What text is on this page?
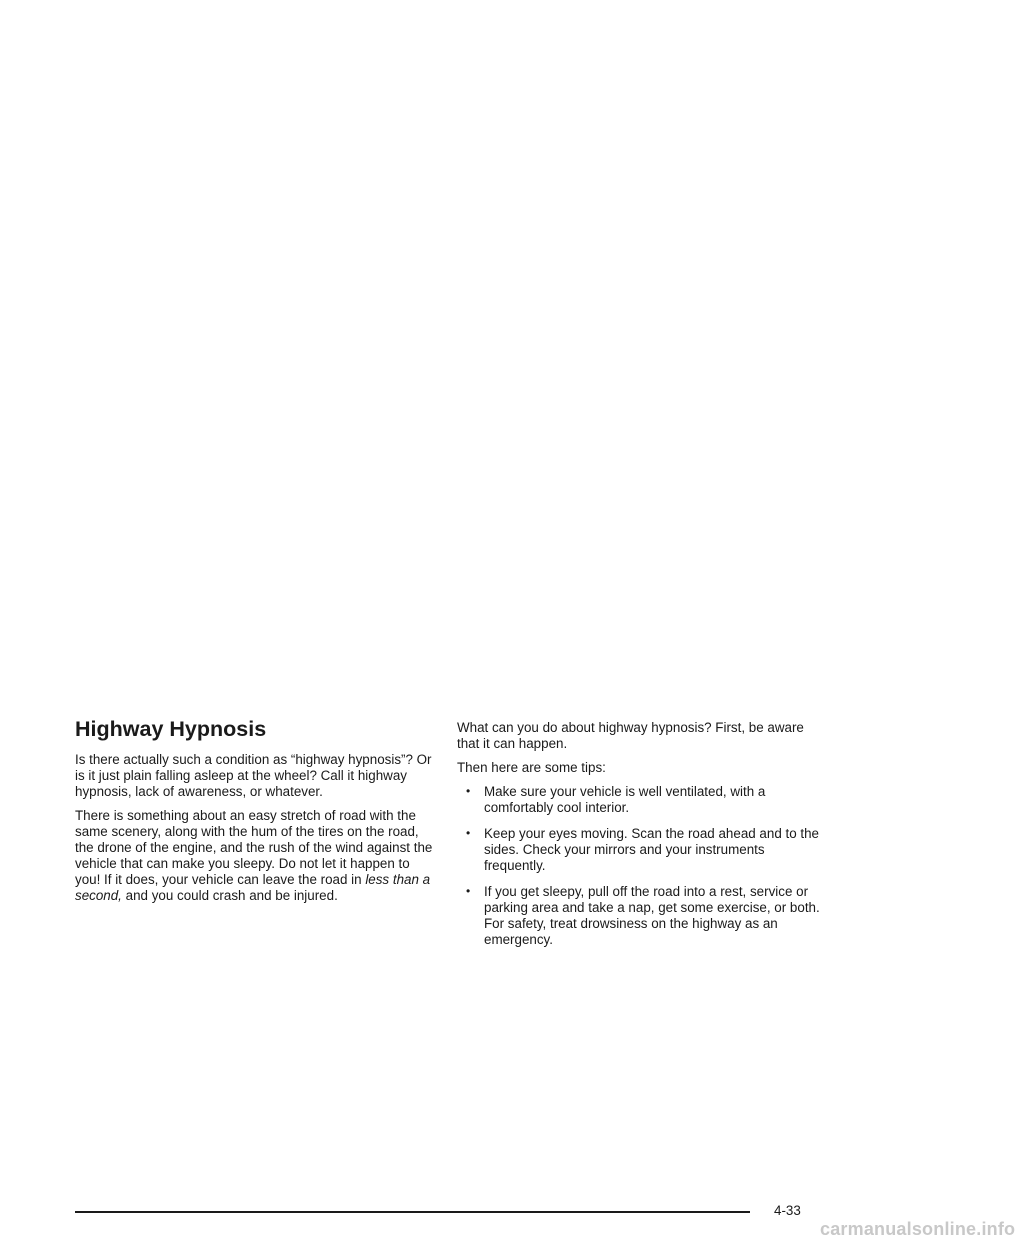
Highway Hypnosis

Is there actually such a condition as “highway hypnosis”? Or is it just plain falling asleep at the wheel? Call it highway hypnosis, lack of awareness, or whatever.

There is something about an easy stretch of road with the same scenery, along with the hum of the tires on the road, the drone of the engine, and the rush of the wind against the vehicle that can make you sleepy. Do not let it happen to you! If it does, your vehicle can leave the road in less than a second, and you could crash and be injured.

What can you do about highway hypnosis? First, be aware that it can happen.

Then here are some tips:

• Make sure your vehicle is well ventilated, with a comfortably cool interior.
• Keep your eyes moving. Scan the road ahead and to the sides. Check your mirrors and your instruments frequently.
• If you get sleepy, pull off the road into a rest, service or parking area and take a nap, get some exercise, or both. For safety, treat drowsiness on the highway as an emergency.
4-33
carmanualsonline.info
